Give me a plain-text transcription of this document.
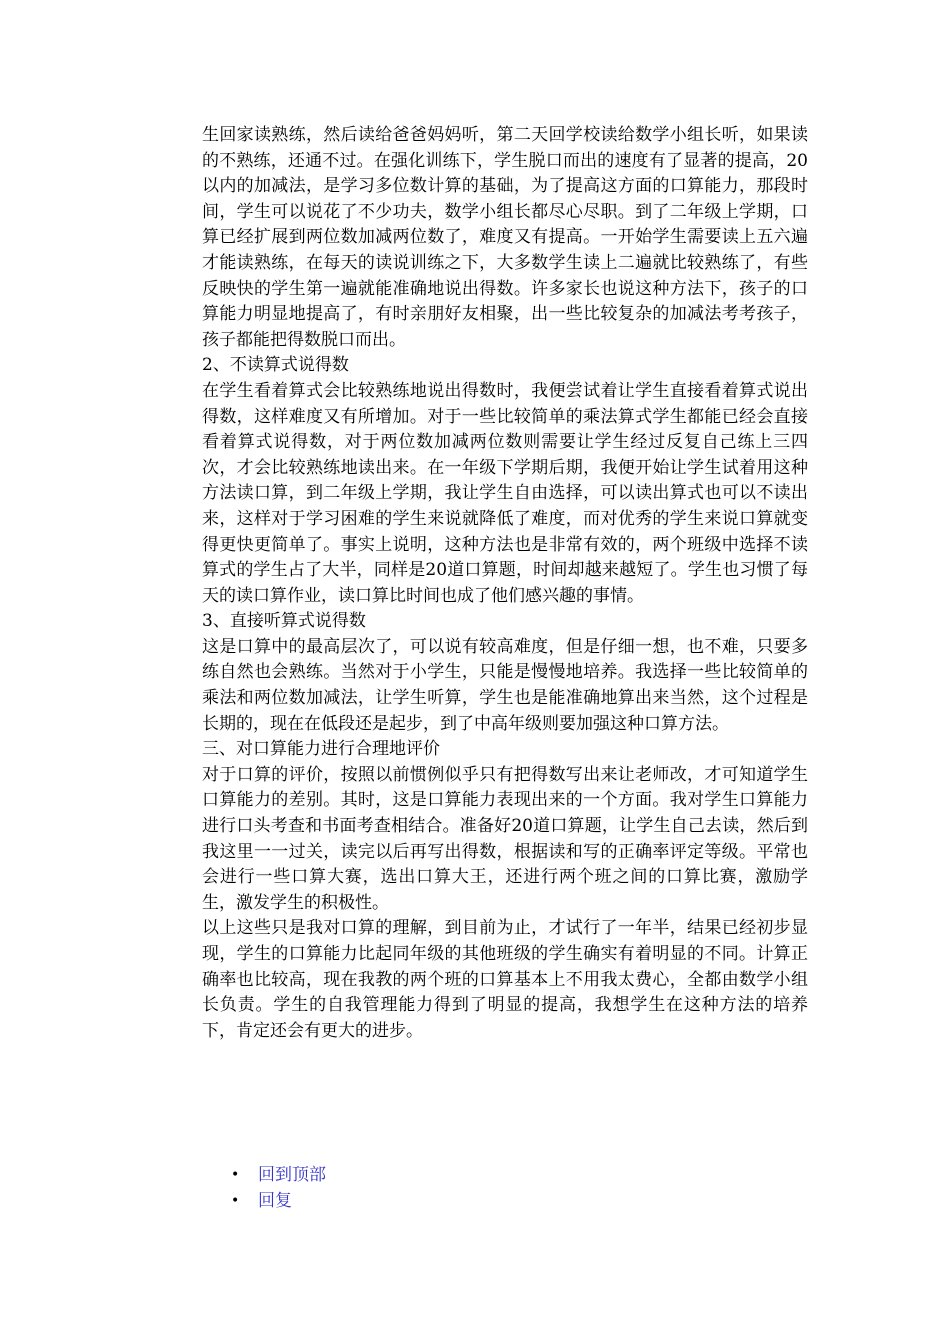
生回家读熟练，然后读给爸爸妈妈听，第二天回学校读给数学小组长听，如果读的不熟练，还通不过。在强化训练下，学生脱口而出的速度有了显著的提高，20以内的加减法，是学习多位数计算的基础，为了提高这方面的口算能力，那段时间，学生可以说花了不少功夫，数学小组长都尽心尽职。到了二年级上学期，口算已经扩展到两位数加减两位数了，难度又有提高。一开始学生需要读上五六遍才能读熟练，在每天的读说训练之下，大多数学生读上二遍就比较熟练了，有些反映快的学生第一遍就能准确地说出得数。许多家长也说这种方法下，孩子的口算能力明显地提高了，有时亲朋好友相聚，出一些比较复杂的加减法考考孩子，孩子都能把得数脱口而出。

2、不读算式说得数

在学生看着算式会比较熟练地说出得数时，我便尝试着让学生直接看着算式说出得数，这样难度又有所增加。对于一些比较简单的乘法算式学生都能已经会直接看着算式说得数，对于两位数加减两位数则需要让学生经过反复自己练上三四次，才会比较熟练地读出来。在一年级下学期后期，我便开始让学生试着用这种方法读口算，到二年级上学期，我让学生自由选择，可以读出算式也可以不读出来，这样对于学习困难的学生来说就降低了难度，而对优秀的学生来说口算就变得更快更简单了。事实上说明，这种方法也是非常有效的，两个班级中选择不读算式的学生占了大半，同样是20道口算题，时间却越来越短了。学生也习惯了每天的读口算作业，读口算比时间也成了他们感兴趣的事情。

3、直接听算式说得数

这是口算中的最高层次了，可以说有较高难度，但是仔细一想，也不难，只要多练自然也会熟练。当然对于小学生，只能是慢慢地培养。我选择一些比较简单的乘法和两位数加减法，让学生听算，学生也是能准确地算出来当然，这个过程是长期的，现在在低段还是起步，到了中高年级则要加强这种口算方法。

三、对口算能力进行合理地评价

对于口算的评价，按照以前惯例似乎只有把得数写出来让老师改，才可知道学生口算能力的差别。其时，这是口算能力表现出来的一个方面。我对学生口算能力进行口头考查和书面考查相结合。准备好20道口算题，让学生自己去读，然后到我这里一一过关，读完以后再写出得数，根据读和写的正确率评定等级。平常也会进行一些口算大赛，选出口算大王，还进行两个班之间的口算比赛，激励学生，激发学生的积极性。

以上这些只是我对口算的理解，到目前为止，才试行了一年半，结果已经初步显现，学生的口算能力比起同年级的其他班级的学生确实有着明显的不同。计算正确率也比较高，现在我教的两个班的口算基本上不用我太费心，全都由数学小组长负责。学生的自我管理能力得到了明显的提高，我想学生在这种方法的培养下，肯定还会有更大的进步。

• 回到顶部
• 回复
